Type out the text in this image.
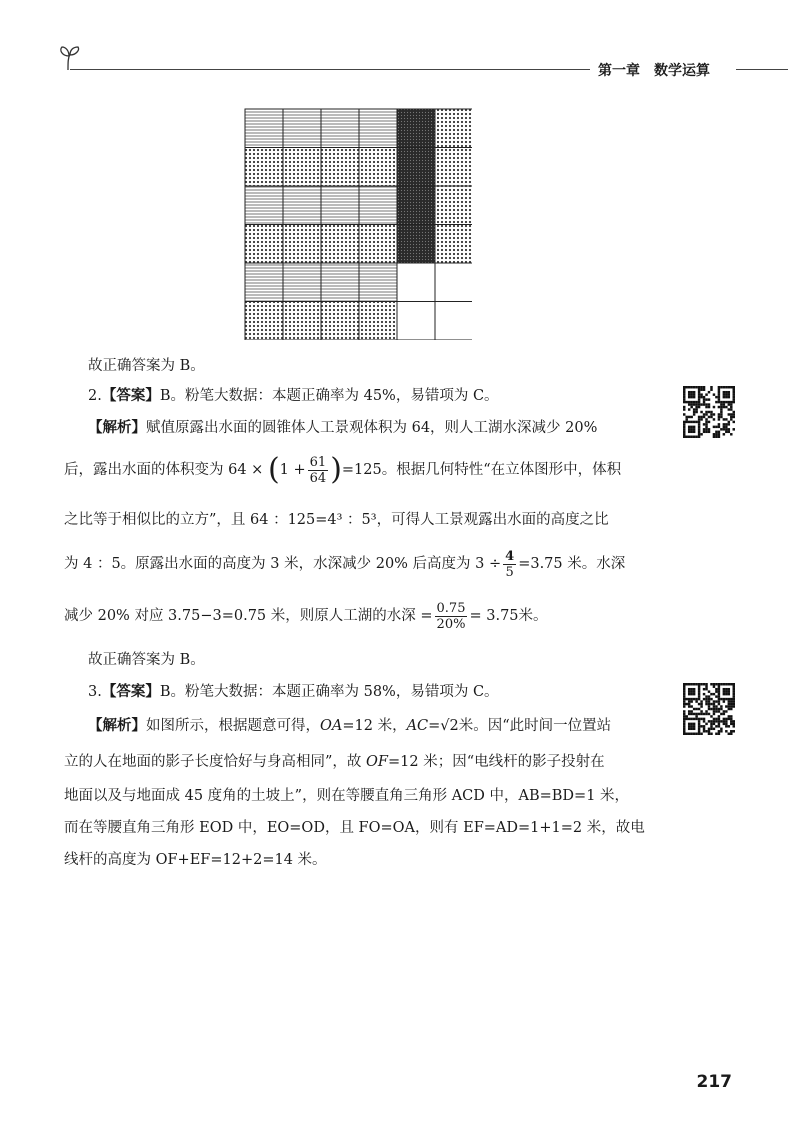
第一章　数学运算
故正确答案为 B。
2.【答案】B。粉笔大数据：本题正确率为 45%，易错项为 C。
【解析】赋值原露出水面的圆锥体人工景观体积为 64，则人工湖水深减少 20%
后，露出水面的体积变为 $64 \times (1 + \frac{61}{64} )=125$。根据几何特性“在立体图形中，体积
之比等于相似比的立方”，且 64 ：125=4³ ：5³，可得人工景观露出水面的高度之比
为 4 ：5。原露出水面的高度为 3 米，水深减少 20% 后高度为 $3 \div \frac{4}{5} =3.75$ 米。水深
减少 20% 对应 3.75−3=0.75 米，则原人工湖的水深 = $\frac{0.75}{20\%} = 3.75$米。
故正确答案为 B。
3.【答案】B。粉笔大数据：本题正确率为 58%，易错项为 C。
【解析】如图所示，根据题意可得，OA=12 米，AC=√2米。因“此时间一位置站
立的人在地面的影子长度恰好与身高相同”，故 OF=12 米；因“电线杆的影子投射在
地面以及与地面成 45 度角的土坡上”，则在等腰直角三角形 ACD 中，AB=BD=1 米，
而在等腰直角三角形 EOD 中，EO=OD，且 FO=OA，则有 EF=AD=1+1=2 米，故电
线杆的高度为 OF+EF=12+2=14 米。
217
